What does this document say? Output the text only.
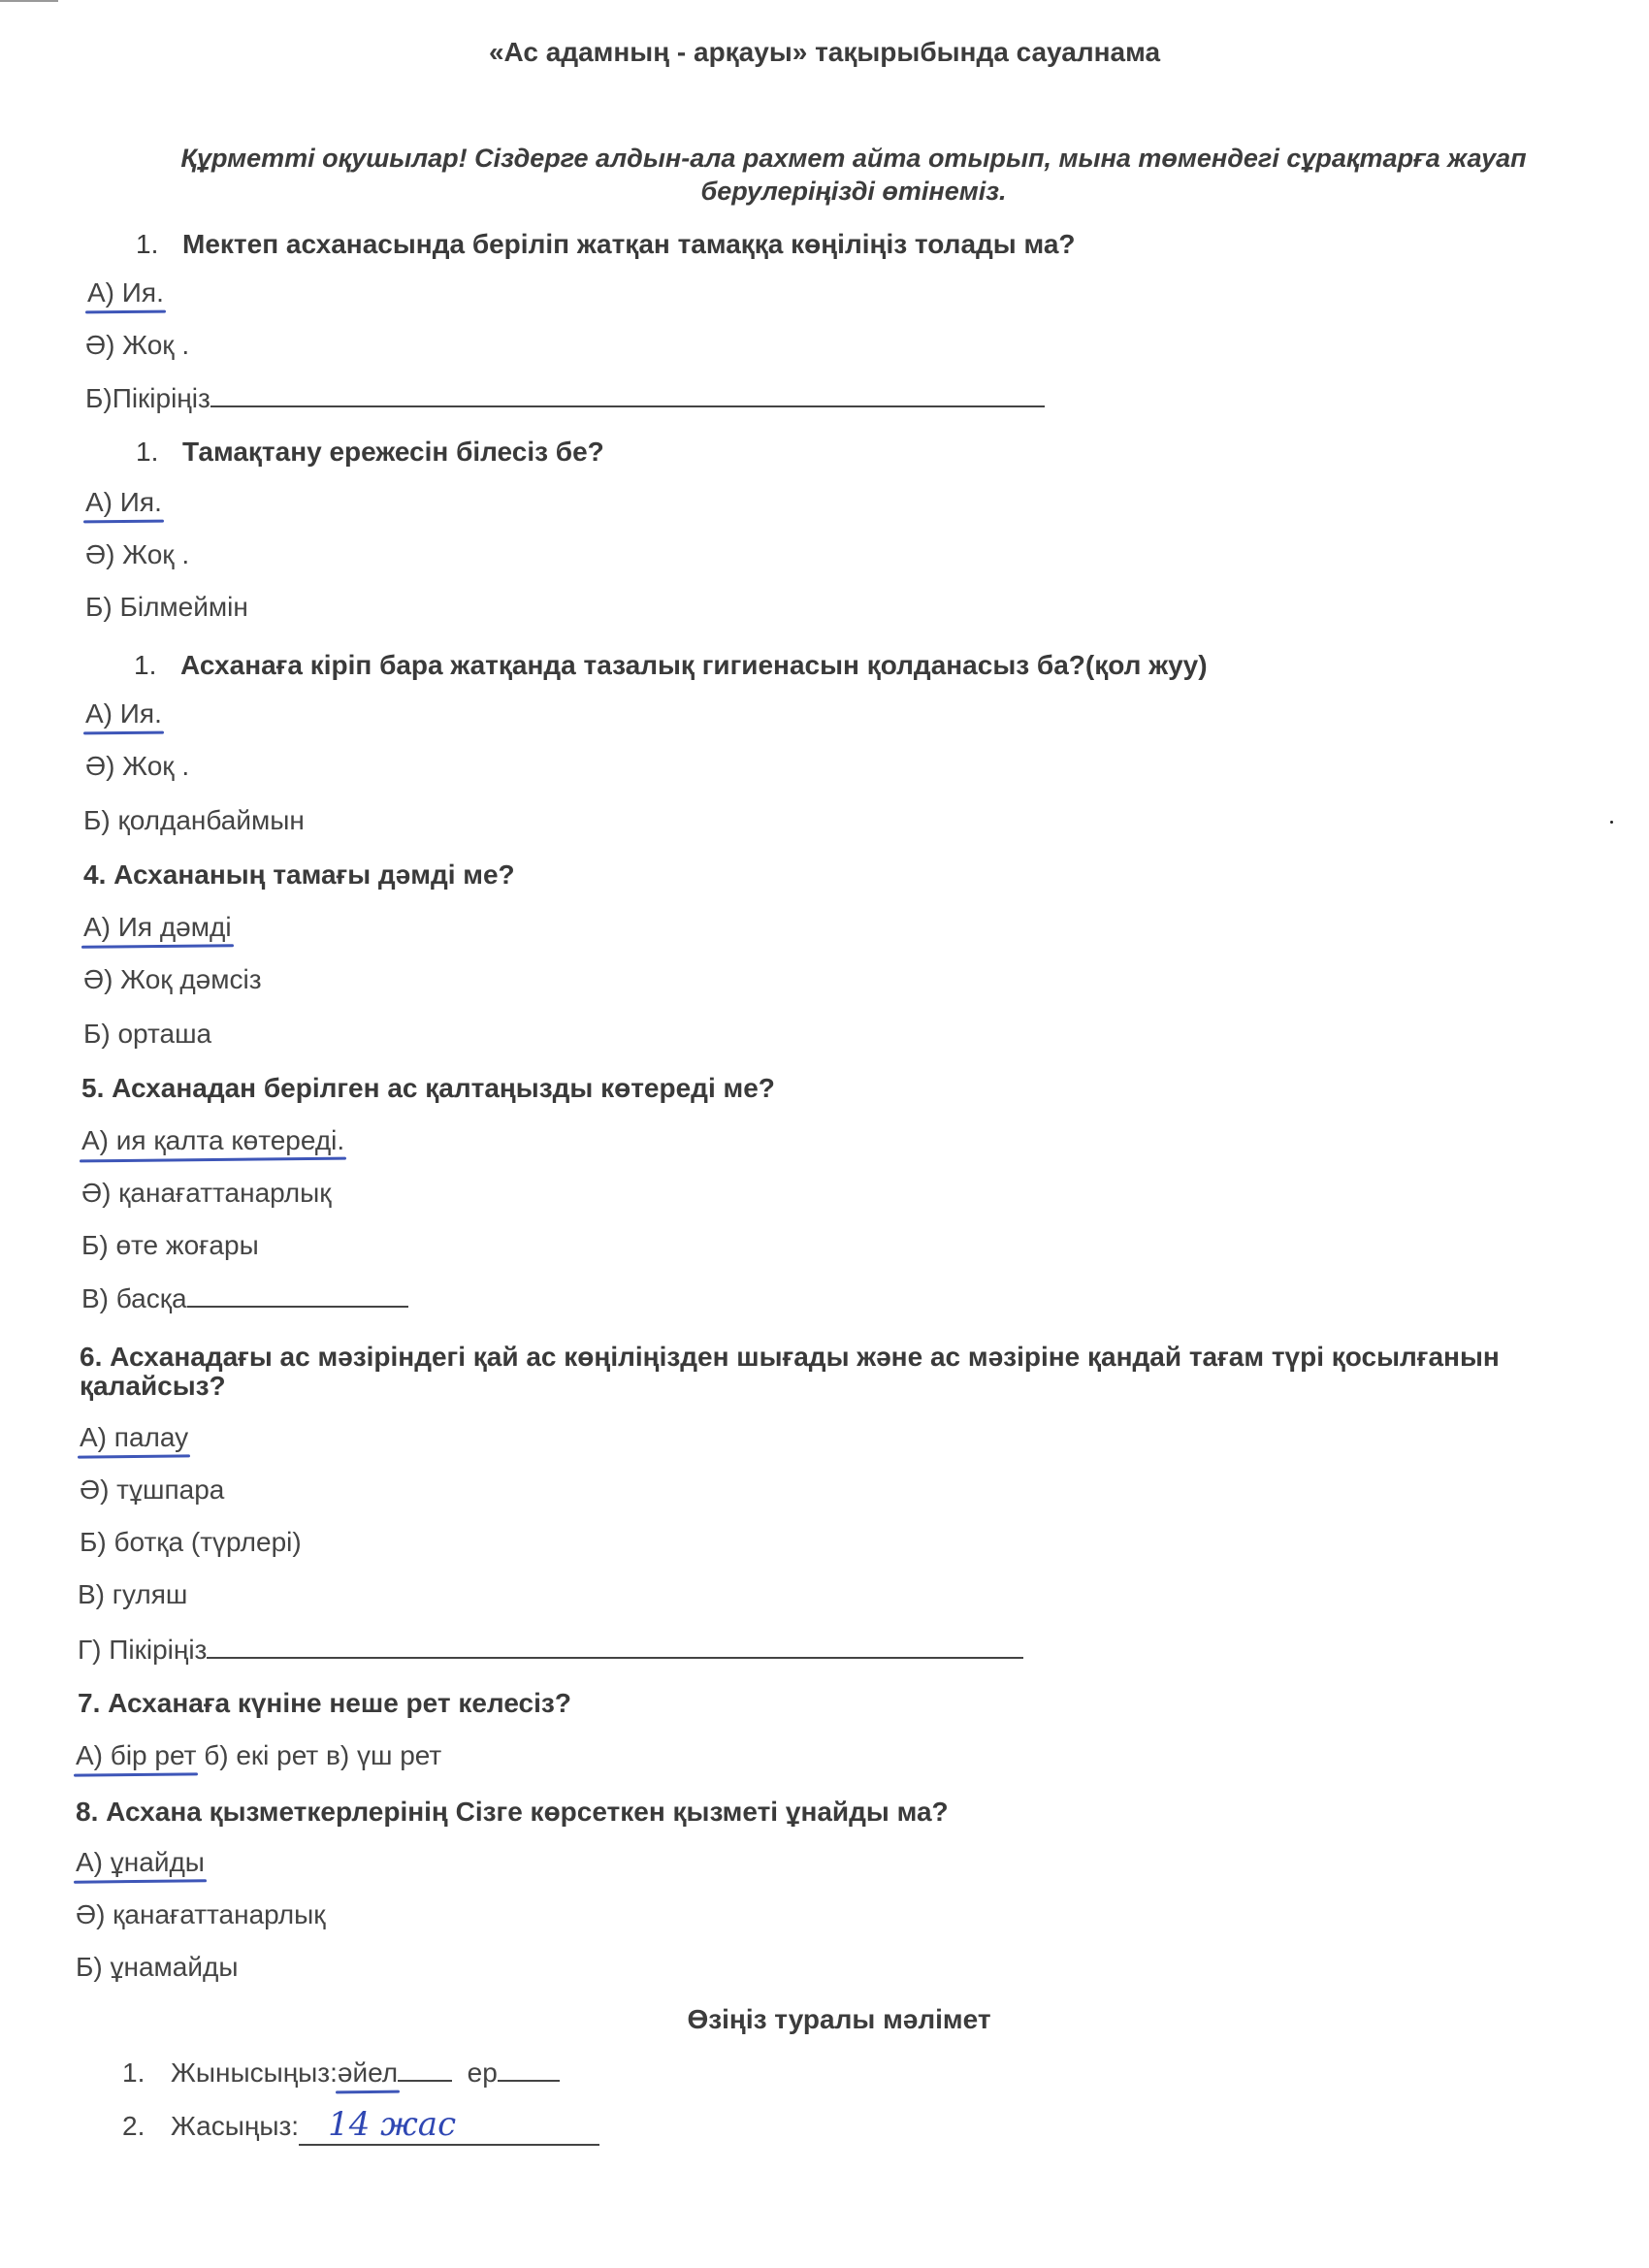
«Ас адамның - арқауы» тақырыбында сауалнама
Құрметті оқушылар! Сіздерге алдын-ала рахмет айта отырып, мына төмендегі сұрақтарға жауап берулеріңізді өтінеміз.
1. Мектеп асханасында беріліп жатқан тамаққа көңіліңіз толады ма?
А) Ия.
Ә) Жоқ .
Б)Пікіріңіз
1. Тамақтану ережесін білесіз бе?
А) Ия.
Ә) Жоқ .
Б) Білмеймін
1. Асханаға кіріп бара жатқанда тазалық гигиенасын қолданасыз ба?(қол жуу)
А) Ия.
Ә) Жоқ .
Б) қолданбаймын
4. Асхананың тамағы дәмді ме?
А) Ия дәмді
Ә) Жоқ дәмсіз
Б) орташа
5. Асханадан берілген ас қалтаңызды көтереді ме?
А) ия қалта көтереді.
Ә) қанағаттанарлық
Б) өте жоғары
В) басқа
6. Асханадағы ас мәзіріндегі қай ас көңіліңізден шығады және ас мәзіріне қандай тағам түрі қосылғанын қалайсыз?
А) палау
Ә) тұшпара
Б) ботқа (түрлері)
В) гуляш
Г) Пікіріңіз
7. Асханаға күніне неше рет келесіз?
А) бір рет б) екі рет в) үш рет
8. Асхана қызметкерлерінің Сізге көрсеткен қызметі ұнайды ма?
А) ұнайды
Ә) қанағаттанарлық
Б) ұнамайды
Өзіңіз туралы мәлімет
1. Жынысыңыз:әйел	ер
2. Жасыңыз: 14 жас
